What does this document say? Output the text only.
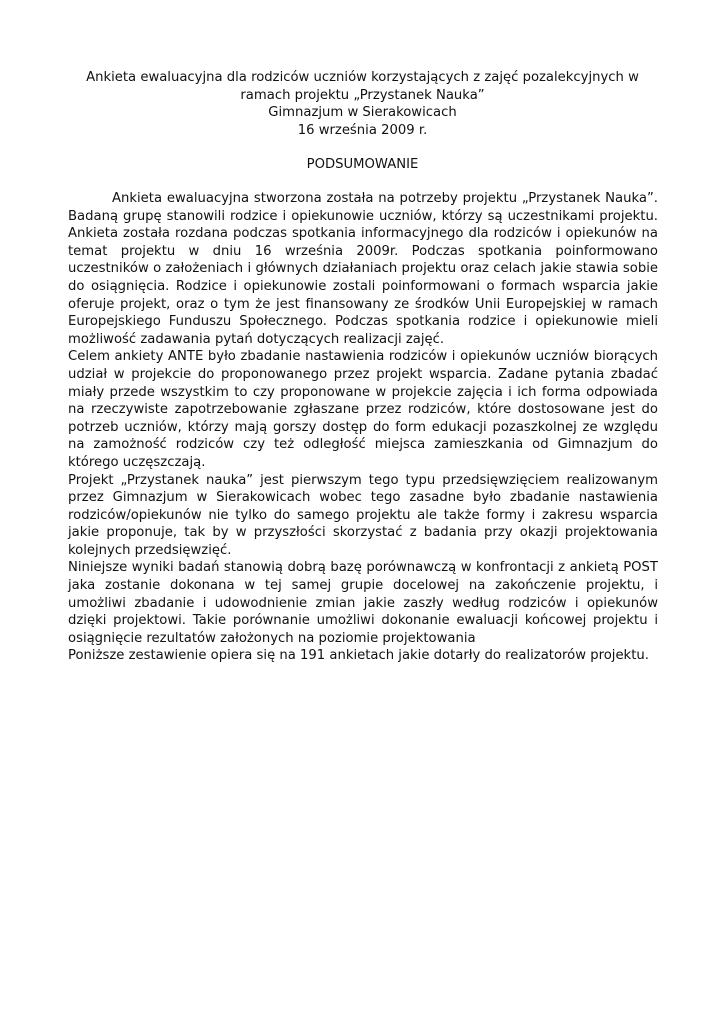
Ankieta ewaluacyjna dla rodziców uczniów korzystających z zajęć pozalekcyjnych w
ramach projektu „Przystanek Nauka”
Gimnazjum w Sierakowicach
16 września 2009 r.
PODSUMOWANIE

Ankieta ewaluacyjna stworzona została na potrzeby projektu „Przystanek Nauka”. Badaną grupę stanowili rodzice i opiekunowie uczniów, którzy są uczestnikami projektu. Ankieta została rozdana podczas spotkania informacyjnego dla rodziców i opiekunów na temat projektu w dniu 16 września 2009r. Podczas spotkania poinformowano uczestników o założeniach i głównych działaniach projektu oraz celach jakie stawia sobie do osiągnięcia. Rodzice i opiekunowie zostali poinformowani o formach wsparcia jakie oferuje projekt, oraz o tym że jest finansowany ze środków Unii Europejskiej w ramach Europejskiego Funduszu Społecznego. Podczas spotkania rodzice i opiekunowie mieli możliwość zadawania pytań dotyczących realizacji zajęć.

Celem ankiety ANTE było zbadanie nastawienia rodziców i opiekunów uczniów biorących udział w projekcie do proponowanego przez projekt wsparcia. Zadane pytania zbadać miały przede wszystkim to czy proponowane w projekcie zajęcia i ich forma odpowiada na rzeczywiste zapotrzebowanie zgłaszane przez rodziców, które dostosowane jest do potrzeb uczniów, którzy mają gorszy dostęp do form edukacji pozaszkolnej ze względu na zamożność rodziców czy też odległość miejsca zamieszkania od Gimnazjum do którego uczęszczają.

Projekt „Przystanek nauka” jest pierwszym tego typu przedsięwzięciem realizowanym przez Gimnazjum w Sierakowicach wobec tego zasadne było zbadanie nastawienia rodziców/opiekunów nie tylko do samego projektu ale także formy i zakresu wsparcia jakie proponuje, tak by w przyszłości skorzystać z badania przy okazji projektowania kolejnych przedsięwzięć.

Niniejsze wyniki badań stanowią dobrą bazę porównawczą w konfrontacji z ankietą POST jaka zostanie dokonana w tej samej grupie docelowej na zakończenie projektu, i umożliwi zbadanie i udowodnienie zmian jakie zaszły według rodziców i opiekunów dzięki projektowi. Takie porównanie umożliwi dokonanie ewaluacji końcowej projektu i osiągnięcie rezultatów założonych na poziomie projektowania

Poniższe zestawienie opiera się na 191 ankietach jakie dotarły do realizatorów projektu.
